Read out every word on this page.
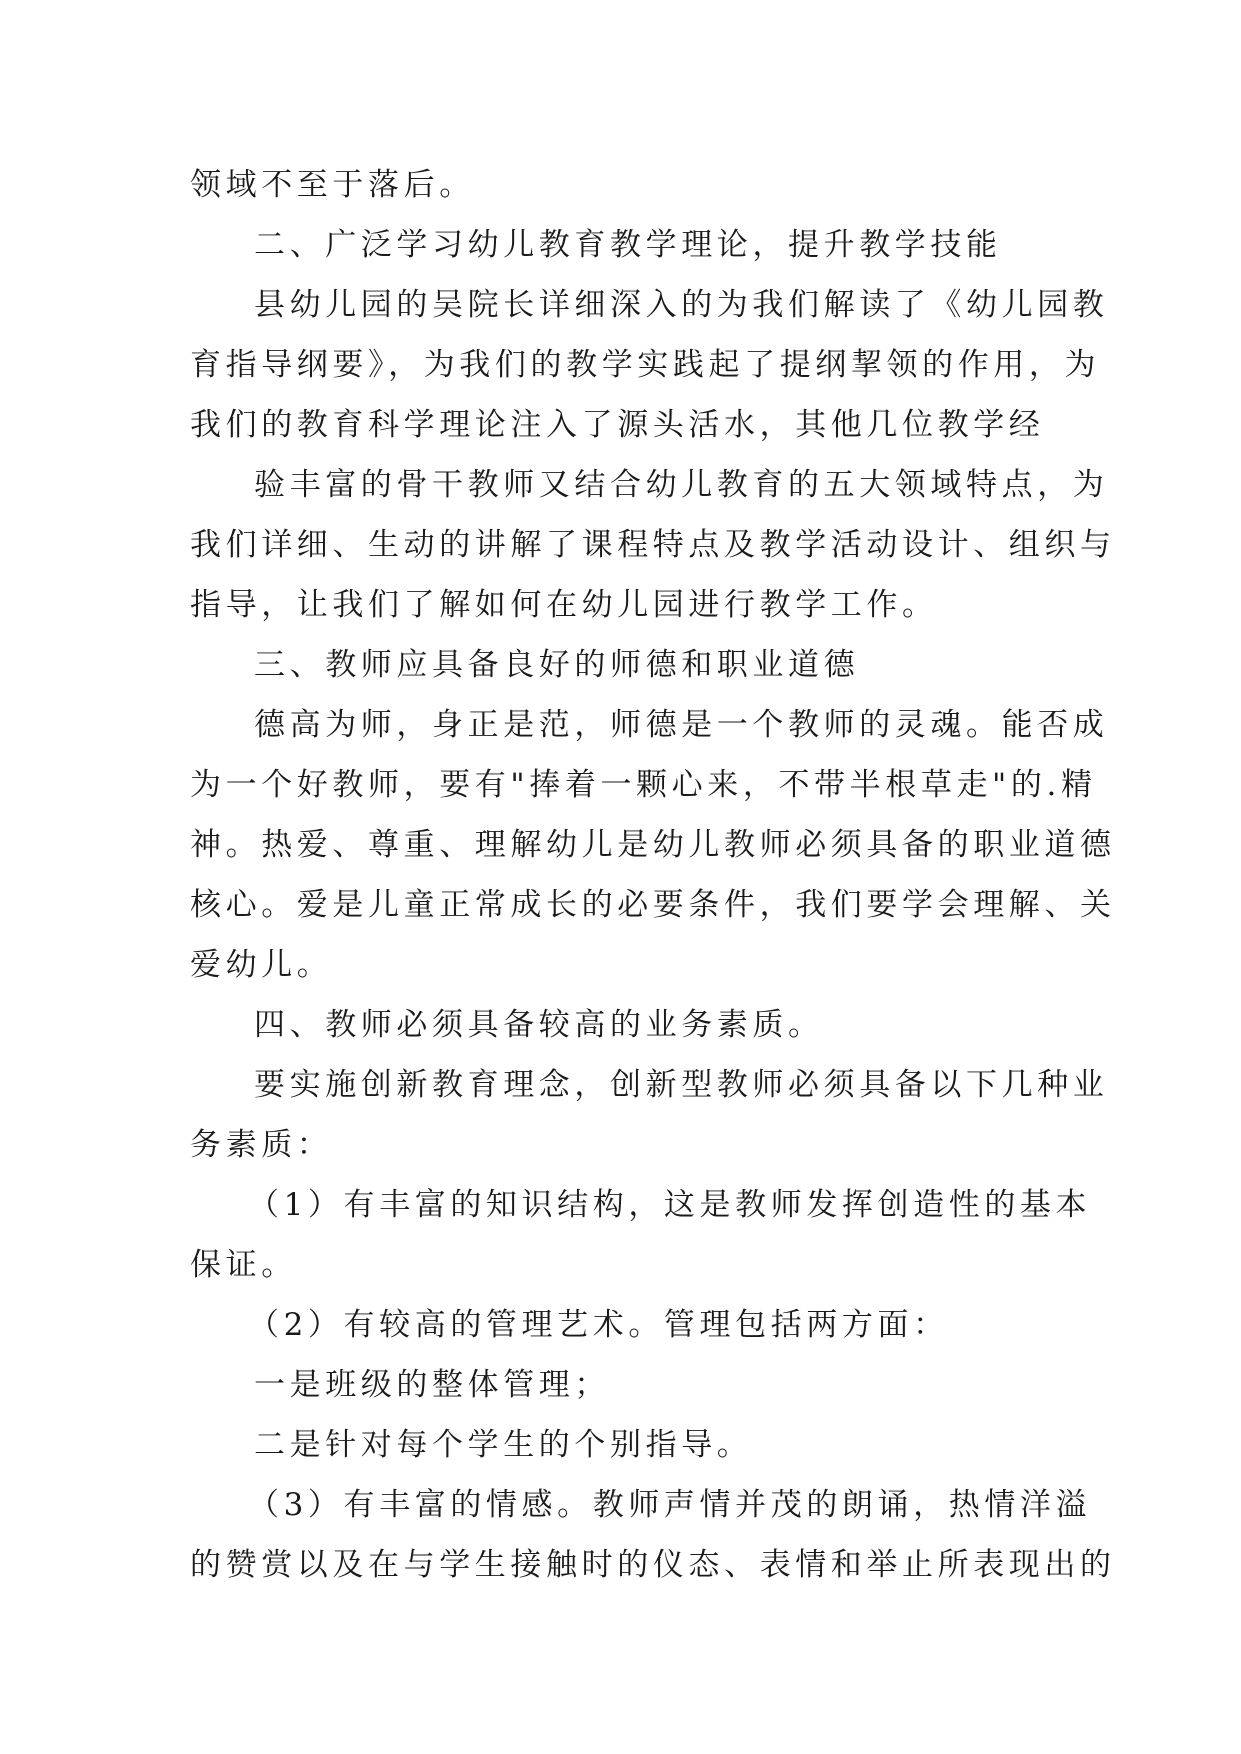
领域不至于落后。
二、广泛学习幼儿教育教学理论，提升教学技能
县幼儿园的吴院长详细深入的为我们解读了《幼儿园教
育指导纲要》，为我们的教学实践起了提纲挈领的作用，为
我们的教育科学理论注入了源头活水，其他几位教学经
验丰富的骨干教师又结合幼儿教育的五大领域特点，为
我们详细、生动的讲解了课程特点及教学活动设计、组织与
指导，让我们了解如何在幼儿园进行教学工作。
三、教师应具备良好的师德和职业道德
德高为师，身正是范，师德是一个教师的灵魂。能否成
为一个好教师，要有"捧着一颗心来，不带半根草走"的.精
神。热爱、尊重、理解幼儿是幼儿教师必须具备的职业道德
核心。爱是儿童正常成长的必要条件，我们要学会理解、关
爱幼儿。
四、教师必须具备较高的业务素质。
要实施创新教育理念，创新型教师必须具备以下几种业
务素质：
（1）有丰富的知识结构，这是教师发挥创造性的基本
保证。
（2）有较高的管理艺术。管理包括两方面：
一是班级的整体管理；
二是针对每个学生的个别指导。
（3）有丰富的情感。教师声情并茂的朗诵，热情洋溢
的赞赏以及在与学生接触时的仪态、表情和举止所表现出的
